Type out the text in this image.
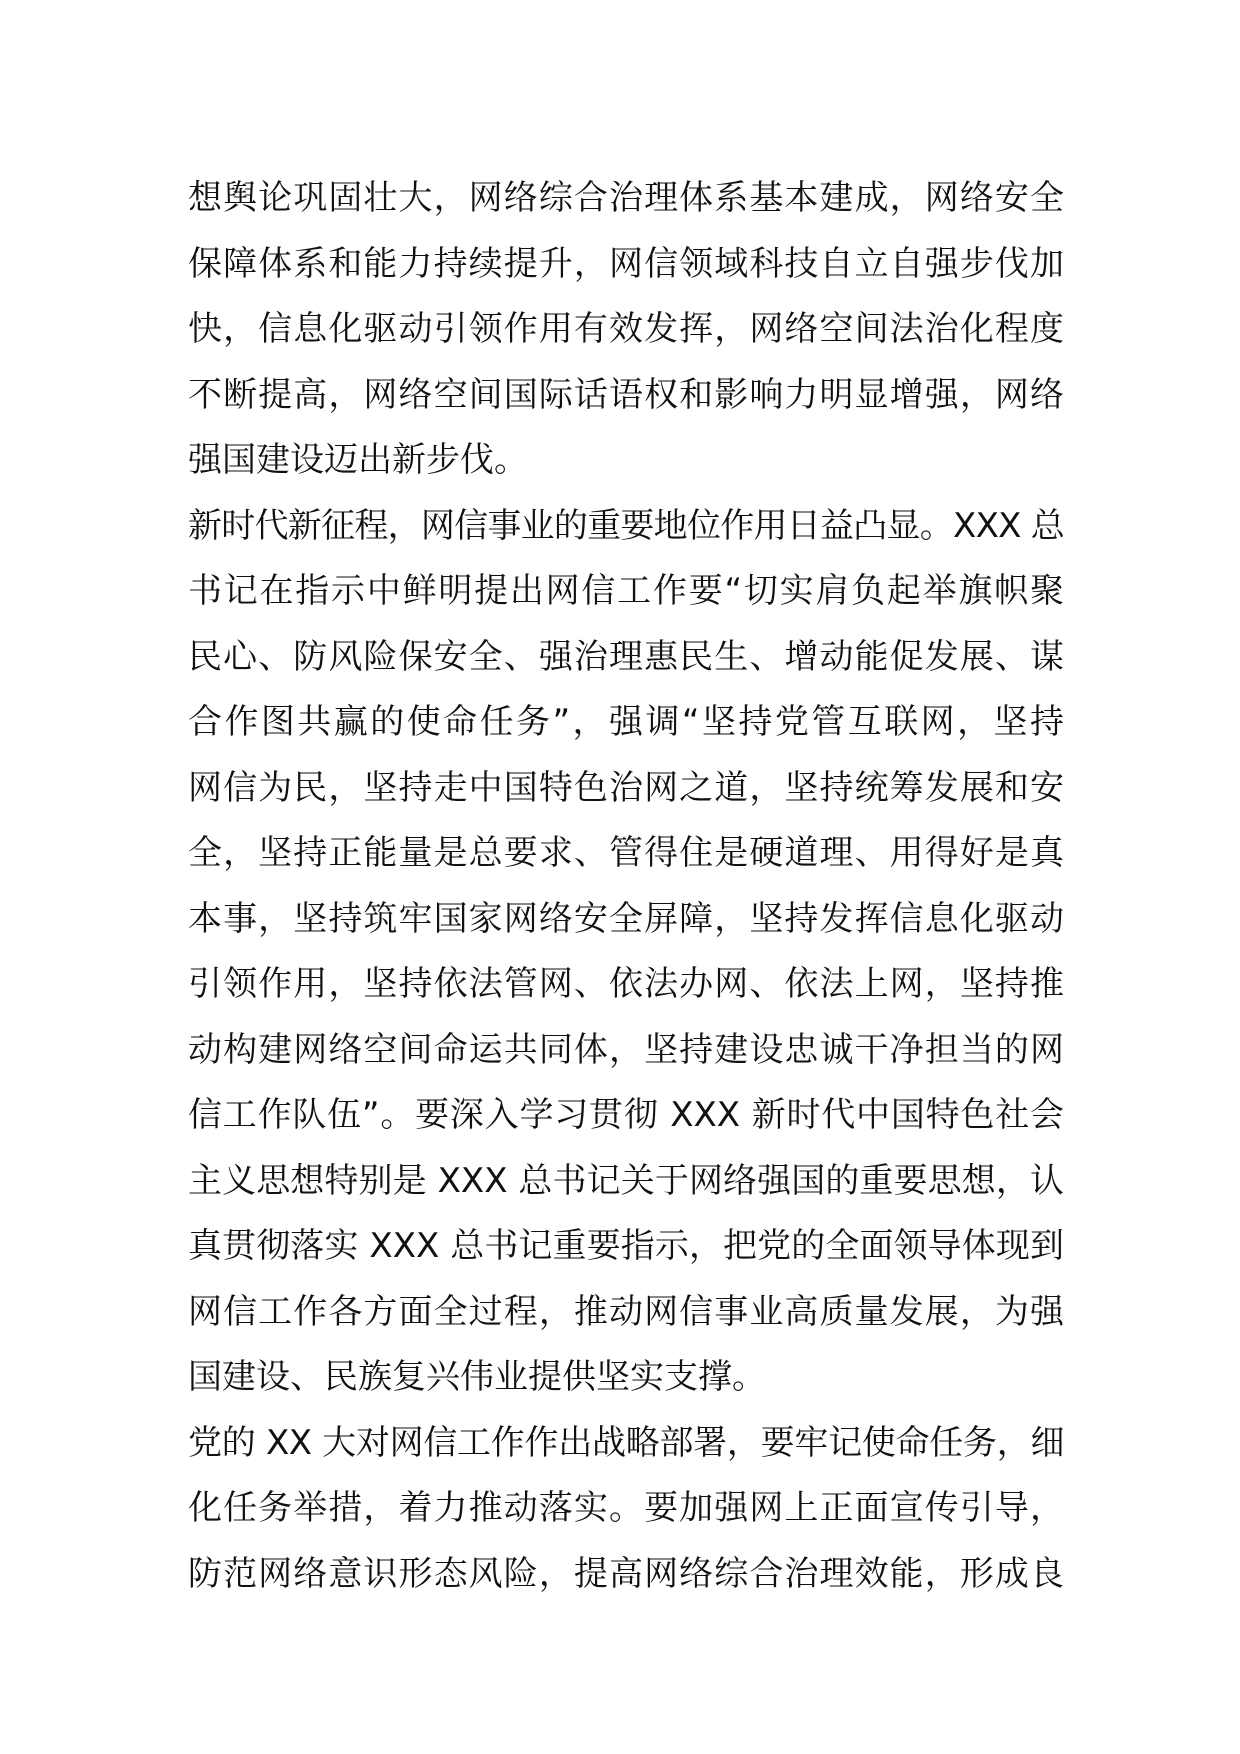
想舆论巩固壮大，网络综合治理体系基本建成，网络安全
保障体系和能力持续提升，网信领域科技自立自强步伐加
快，信息化驱动引领作用有效发挥，网络空间法治化程度
不断提高，网络空间国际话语权和影响力明显增强，网络
强国建设迈出新步伐。
新时代新征程，网信事业的重要地位作用日益凸显。XXX 总
书记在指示中鲜明提出网信工作要“切实肩负起举旗帜聚
民心、防风险保安全、强治理惠民生、增动能促发展、谋
合作图共赢的使命任务”，强调“坚持党管互联网，坚持
网信为民，坚持走中国特色治网之道，坚持统筹发展和安
全，坚持正能量是总要求、管得住是硬道理、用得好是真
本事，坚持筑牢国家网络安全屏障，坚持发挥信息化驱动
引领作用，坚持依法管网、依法办网、依法上网，坚持推
动构建网络空间命运共同体，坚持建设忠诚干净担当的网
信工作队伍”。要深入学习贯彻 XXX 新时代中国特色社会
主义思想特别是 XXX 总书记关于网络强国的重要思想，认
真贯彻落实 XXX 总书记重要指示，把党的全面领导体现到
网信工作各方面全过程，推动网信事业高质量发展，为强
国建设、民族复兴伟业提供坚实支撑。
党的 XX 大对网信工作作出战略部署，要牢记使命任务，细
化任务举措，着力推动落实。要加强网上正面宣传引导，
防范网络意识形态风险，提高网络综合治理效能，形成良
